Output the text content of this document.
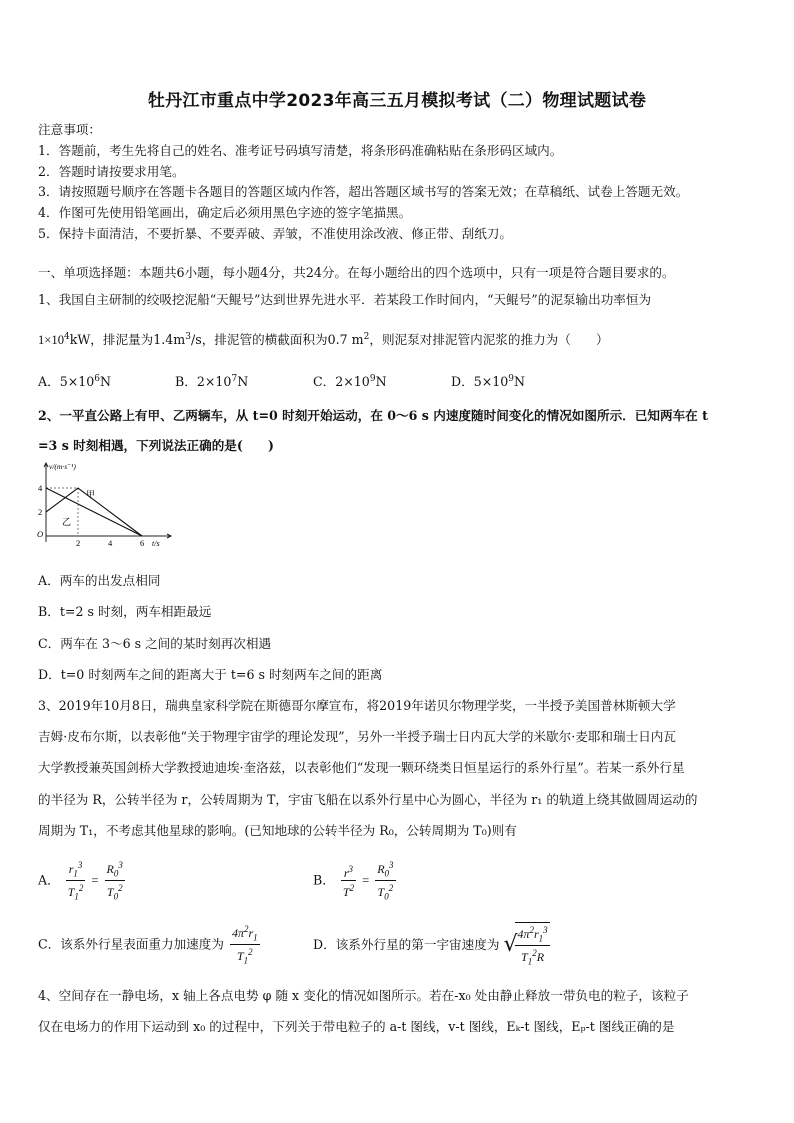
牡丹江市重点中学2023年高三五月模拟考试（二）物理试题试卷
注意事项：
1．答题前，考生先将自己的姓名、准考证号码填写清楚，将条形码准确粘贴在条形码区域内。
2．答题时请按要求用笔。
3．请按照题号顺序在答题卡各题目的答题区域内作答，超出答题区域书写的答案无效；在草稿纸、试卷上答题无效。
4．作图可先使用铅笔画出，确定后必须用黑色字迹的签字笔描黑。
5．保持卡面清洁，不要折暴、不要弄破、弄皱，不准使用涂改液、修正带、刮纸刀。
一、单项选择题：本题共6小题，每小题4分，共24分。在每小题给出的四个选项中，只有一项是符合题目要求的。
1、我国自主研制的绞吸挖泥船“天鲲号”达到世界先进水平．若某段工作时间内，“天鲲号”的泥泵输出功率恒为
$1\times 10^4kW$，排泥量为$1.4m^3/s$，排泥管的横截面积为0.7 $m^2$，则泥泵对排泥管内泥浆的推力为（　　）
A．$5\times 10^6N$	B．$2\times 10^7N$	C．$2\times 10^9N$	D．$5\times 10^9N$
2、一平直公路上有甲、乙两辆车，从 t=0 时刻开始运动，在 0～6 s 内速度随时间变化的情况如图所示．已知两车在 t
=3 s 时刻相遇，下列说法正确的是(　　)
v/(m·s⁻¹)
t/s
O
2
4
2	4	6
甲
乙
A．两车的出发点相同
B．t=2 s 时刻，两车相距最远
C．两车在 3～6 s 之间的某时刻再次相遇
D．t=0 时刻两车之间的距离大于 t=6 s 时刻两车之间的距离
3、2019年10月8日，瑞典皇家科学院在斯德哥尔摩宣布，将2019年诺贝尔物理学奖，一半授予美国普林斯顿大学
吉姆·皮布尔斯，以表彰他“关于物理宇宙学的理论发现”，另外一半授予瑞士日内瓦大学的米歇尔·麦耶和瑞士日内瓦
大学教授兼英国剑桥大学教授迪迪埃·奎洛兹，以表彰他们“发现一颗环绕类日恒星运行的系外行星”。若某一系外行星
的半径为 R，公转半径为 r，公转周期为 T，宇宙飞船在以系外行星中心为圆心，半径为 r₁ 的轨道上绕其做圆周运动的
周期为 T₁，不考虑其他星球的影响。(已知地球的公转半径为 R₀，公转周期为 T₀)则有
A． $\frac{r_1^3}{T_1^2} = \frac{R_0^3}{T_0^2}$	B． $\frac{r^3}{T^2} = \frac{R_0^3}{T_0^2}$
C．该系外行星表面重力加速度为 $\frac{4\pi^2r_1}{T_1^2}$	D．该系外行星的第一宇宙速度为 √
$\frac{4\pi^2r_1^3}{T_1^2R}$
4、空间存在一静电场，x 轴上各点电势 φ 随 x 变化的情况如图所示。若在-x₀ 处由静止释放一带负电的粒子，该粒子
仅在电场力的作用下运动到 x₀ 的过程中，下列关于带电粒子的 a-t 图线，v-t 图线，Eₖ-t 图线，Eₚ-t 图线正确的是
